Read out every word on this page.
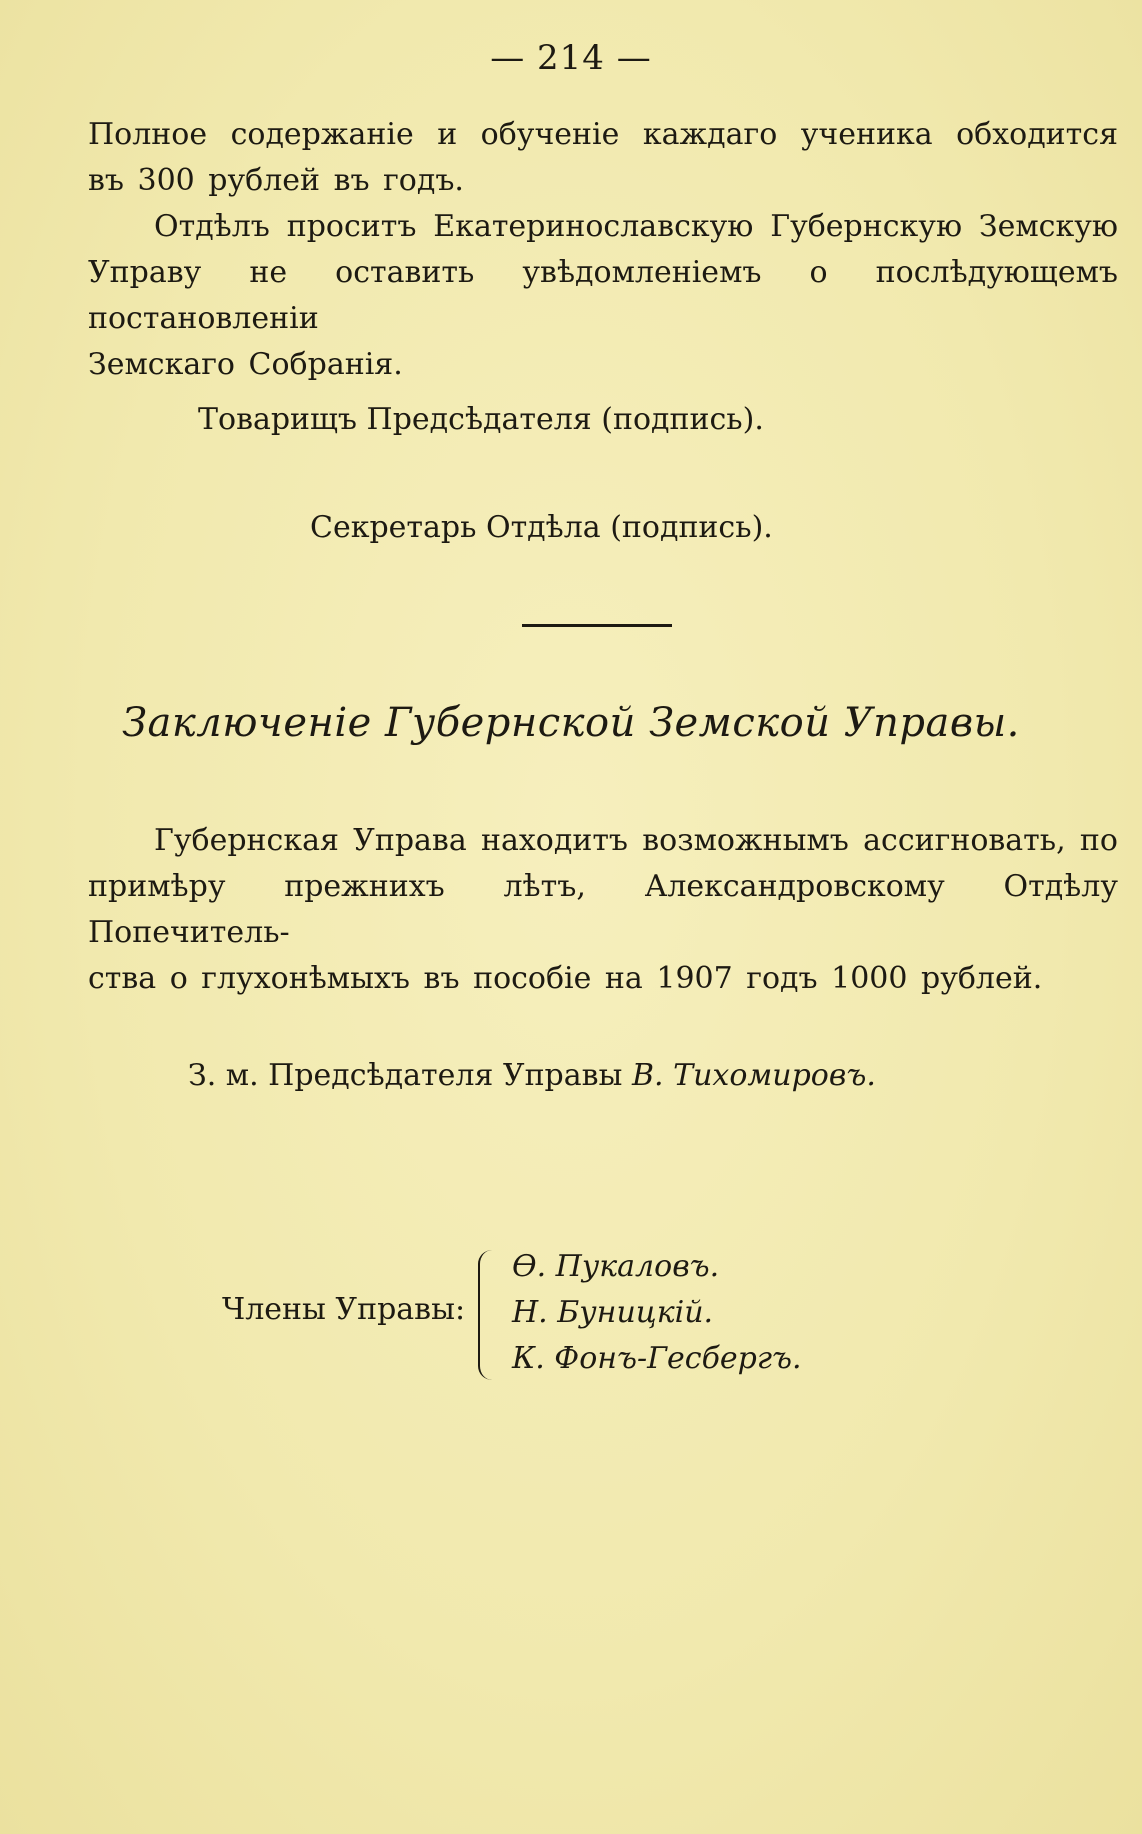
— 214 —
Полное содержаніе и обученіе каждаго ученика обходится
въ 300 рублей въ годъ.
Отдѣлъ проситъ Екатеринославскую Губернскую Земскую
Управу не оставить увѣдомленіемъ о послѣдующемъ постановленіи
Земскаго Собранія.
Товарищъ Предсѣдателя (подпись).
Секретарь Отдѣла (подпись).
Заключеніе Губернской Земской Управы.
Губернская Управа находитъ возможнымъ ассигновать, по
примѣру прежнихъ лѣтъ, Александровскому Отдѣлу Попечитель-
ства о глухонѣмыхъ въ пособіе на 1907 годъ 1000 рублей.
З. м. Предсѣдателя Управы В. Тихомировъ.
Члены Управы:
Ѳ. Пукаловъ.
Н. Буницкій.
К. Фонъ-Гесбергъ.
